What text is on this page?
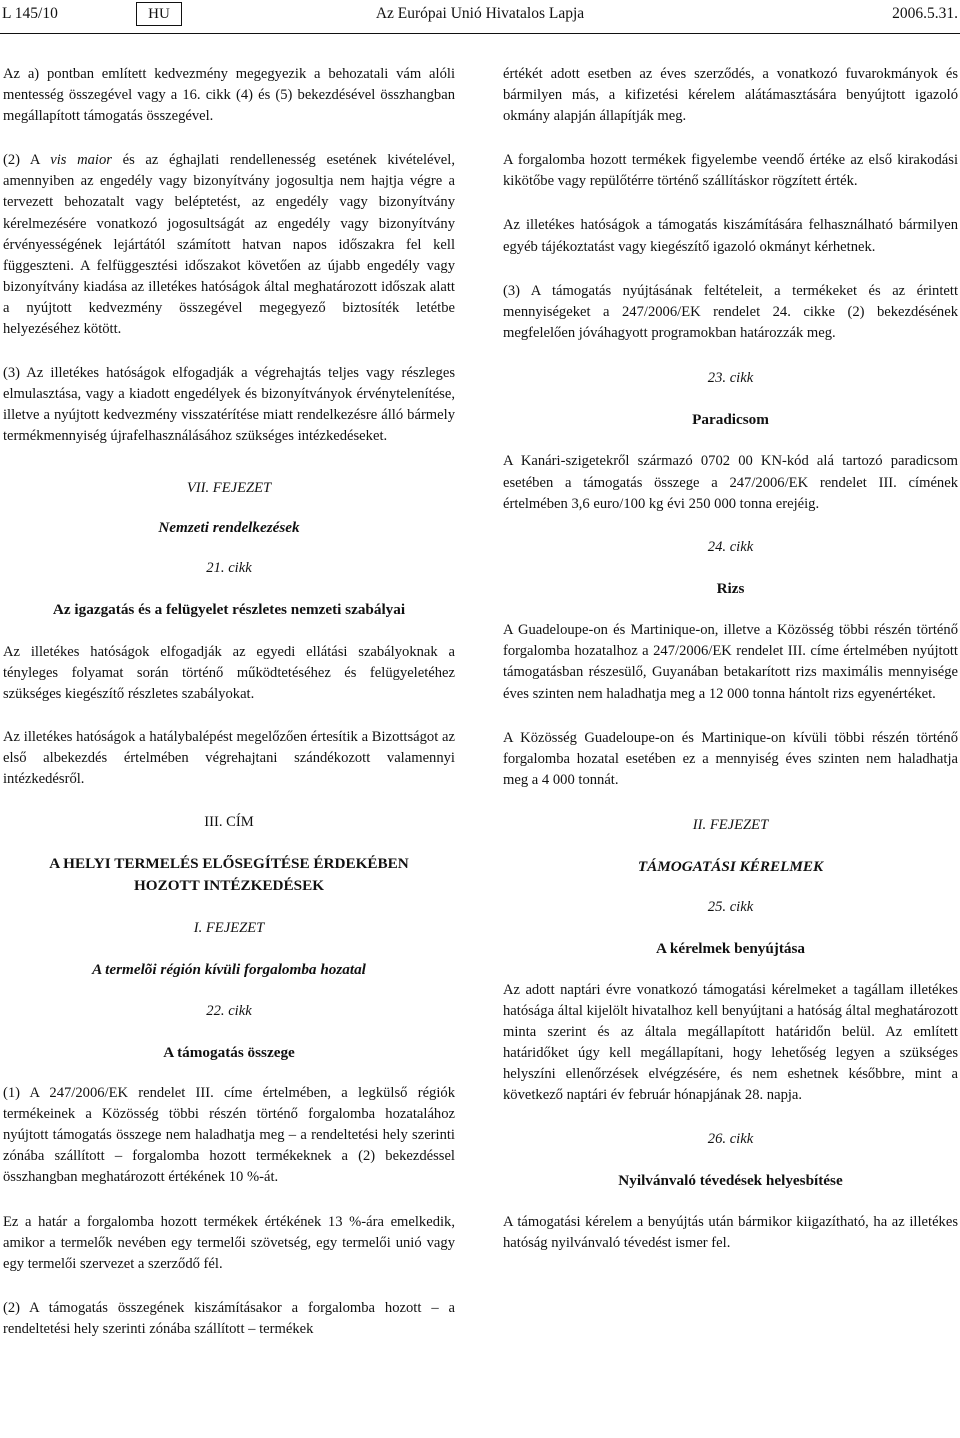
L 145/10	HU	Az Európai Unió Hivatalos Lapja	2006.5.31.

Az a) pontban említett kedvezmény megegyezik a behozatali vám alóli mentesség összegével vagy a 16. cikk (4) és (5) bekezdésével összhangban megállapított támogatás összegével.

(2) A vis maior és az éghajlati rendellenesség esetének kivételével, amennyiben az engedély vagy bizonyítvány jogosultja nem hajtja végre a tervezett behozatalt vagy beléptetést, az engedély vagy bizonyítvány kérelmezésére vonatkozó jogosultságát az engedély vagy bizonyítvány érvényességének lejártától számított hatvan napos időszakra fel kell függeszteni. A felfüggesztési időszakot követően az újabb engedély vagy bizonyítvány kiadása az illetékes hatóságok által meghatározott időszak alatt a nyújtott kedvezmény összegével megegyező biztosíték letétbe helyezéséhez kötött.

(3) Az illetékes hatóságok elfogadják a végrehajtás teljes vagy részleges elmulasztása, vagy a kiadott engedélyek és bizonyítványok érvénytelenítése, illetve a nyújtott kedvezmény visszatérítése miatt rendelkezésre álló bármely termékmennyiség újrafelhasználásához szükséges intézkedéseket.

VII. FEJEZET
Nemzeti rendelkezések
21. cikk
Az igazgatás és a felügyelet részletes nemzeti szabályai

Az illetékes hatóságok elfogadják az egyedi ellátási szabályoknak a tényleges folyamat során történő működtetéséhez és felügyeletéhez szükséges kiegészítő részletes szabályokat.

Az illetékes hatóságok a hatálybalépést megelőzően értesítik a Bizottságot az első albekezdés értelmében végrehajtani szándékozott valamennyi intézkedésről.

III. CÍM
A HELYI TERMELÉS ELŐSEGÍTÉSE ÉRDEKÉBEN HOZOTT INTÉZKEDÉSEK
I. FEJEZET
A termelõi régión kívüli forgalomba hozatal
22. cikk
A támogatás összege

(1) A 247/2006/EK rendelet III. címe értelmében, a legkülső régiók termékeinek a Közösség többi részén történő forgalomba hozatalához nyújtott támogatás összege nem haladhatja meg – a rendeltetési hely szerinti zónába szállított – forgalomba hozott termékeknek a (2) bekezdéssel összhangban meghatározott értékének 10 %-át.

Ez a határ a forgalomba hozott termékek értékének 13 %-ára emelkedik, amikor a termelők nevében egy termelői szövetség, egy termelői unió vagy egy termelői szervezet a szerződő fél.

(2) A támogatás összegének kiszámításakor a forgalomba hozott – a rendeltetési hely szerinti zónába szállított – termékek

értékét adott esetben az éves szerződés, a vonatkozó fuvarokmányok és bármilyen más, a kifizetési kérelem alátámasztására benyújtott igazoló okmány alapján állapítják meg.

A forgalomba hozott termékek figyelembe veendő értéke az első kirakodási kikötőbe vagy repülőtérre történő szállításkor rögzített érték.

Az illetékes hatóságok a támogatás kiszámítására felhasználható bármilyen egyéb tájékoztatást vagy kiegészítő igazoló okmányt kérhetnek.

(3) A támogatás nyújtásának feltételeit, a termékeket és az érintett mennyiségeket a 247/2006/EK rendelet 24. cikke (2) bekezdésének megfelelően jóváhagyott programokban határozzák meg.

23. cikk
Paradicsom

A Kanári-szigetekről származó 0702 00 KN-kód alá tartozó paradicsom esetében a támogatás összege a 247/2006/EK rendelet III. címének értelmében 3,6 euro/100 kg évi 250 000 tonna erejéig.

24. cikk
Rizs

A Guadeloupe-on és Martinique-on, illetve a Közösség többi részén történő forgalomba hozatalhoz a 247/2006/EK rendelet III. címe értelmében nyújtott támogatásban részesülő, Guyanában betakarított rizs maximális mennyisége éves szinten nem haladhatja meg a 12 000 tonna hántolt rizs egyenértéket.

A Közösség Guadeloupe-on és Martinique-on kívüli többi részén történő forgalomba hozatal esetében ez a mennyiség éves szinten nem haladhatja meg a 4 000 tonnát.

II. FEJEZET
TÁMOGATÁSI KÉRELMEK
25. cikk
A kérelmek benyújtása

Az adott naptári évre vonatkozó támogatási kérelmeket a tagállam illetékes hatósága által kijelölt hivatalhoz kell benyújtani a hatóság által meghatározott minta szerint és az általa megállapított határidőn belül. Az említett határidőket úgy kell megállapítani, hogy lehetőség legyen a szükséges helyszíni ellenőrzések elvégzésére, és nem eshetnek későbbre, mint a következő naptári év február hónapjának 28. napja.

26. cikk
Nyilvánvaló tévedések helyesbítése

A támogatási kérelem a benyújtás után bármikor kiigazítható, ha az illetékes hatóság nyilvánvaló tévedést ismer fel.
